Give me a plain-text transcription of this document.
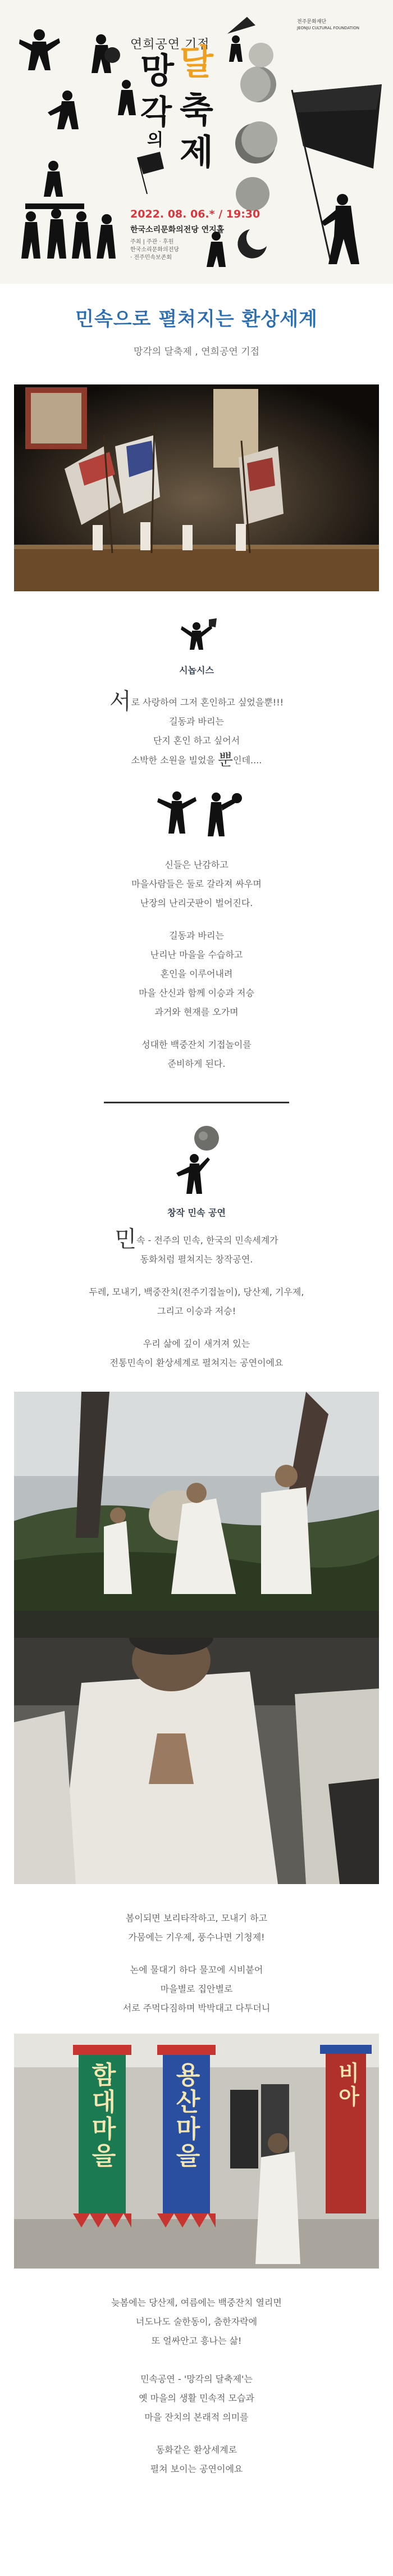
연희공연 기접
망 달
각
의
축
제
2022. 08. 06.* / 19:30
한국소리문화의전당 연지홀
주최 | 주관 · 후원
한국소리문화의전당
· 전주민속보존회
전주문화재단
JEONJU CULTURAL FOUNDATION
민속으로 펼쳐지는 환상세계
망각의 달축제 , 연희공연 기접
시놉시스

서로 사랑하여 그저 혼인하고 싶었을뿐!!!

길동과 바리는

단지 혼인 하고 싶어서

소박한 소원을 빌었을 뿐인데....

신들은 난감하고

마을사람들은 둘로 갈라져 싸우며

난장의 난리굿판이 벌어진다.

길동과 바리는

난리난 마을을 수습하고

혼인을 이루어내려

마을 산신과 함께 이승과 저승

과거와 현재를 오가며

성대한 백중잔치 기접놀이를

준비하게 된다.

창작 민속 공연

민속 - 전주의 민속, 한국의 민속세계가

동화처럼 펼쳐지는 창작공연.

두레, 모내기, 백중잔치(전주기접놀이), 당산제, 기우제,

그리고 이승과 저승!

우리 삶에 깊이 새겨져 있는

전통민속이 환상세계로 펼쳐지는 공연이에요

봄이되면 보리타작하고, 모내기 하고

가뭄에는 기우제, 풍수나면 기청제!

논에 물대기 하다 물꼬에 시비붙어

마을별로 집안별로

서로 주먹다짐하며 박박대고 다투더니

함대마을 용산마을	비아

늦봄에는 당산제, 여름에는 백중잔치 열리면

너도나도 술한동이, 춤한자락에

또 얼싸안고 흥나는 삶!

민속공연 - '망각의 달축제'는

옛 마을의 생활 민속적 모습과

마을 잔치의 본래적 의미를

동화같은 환상세계로

펼쳐 보이는 공연이에요
